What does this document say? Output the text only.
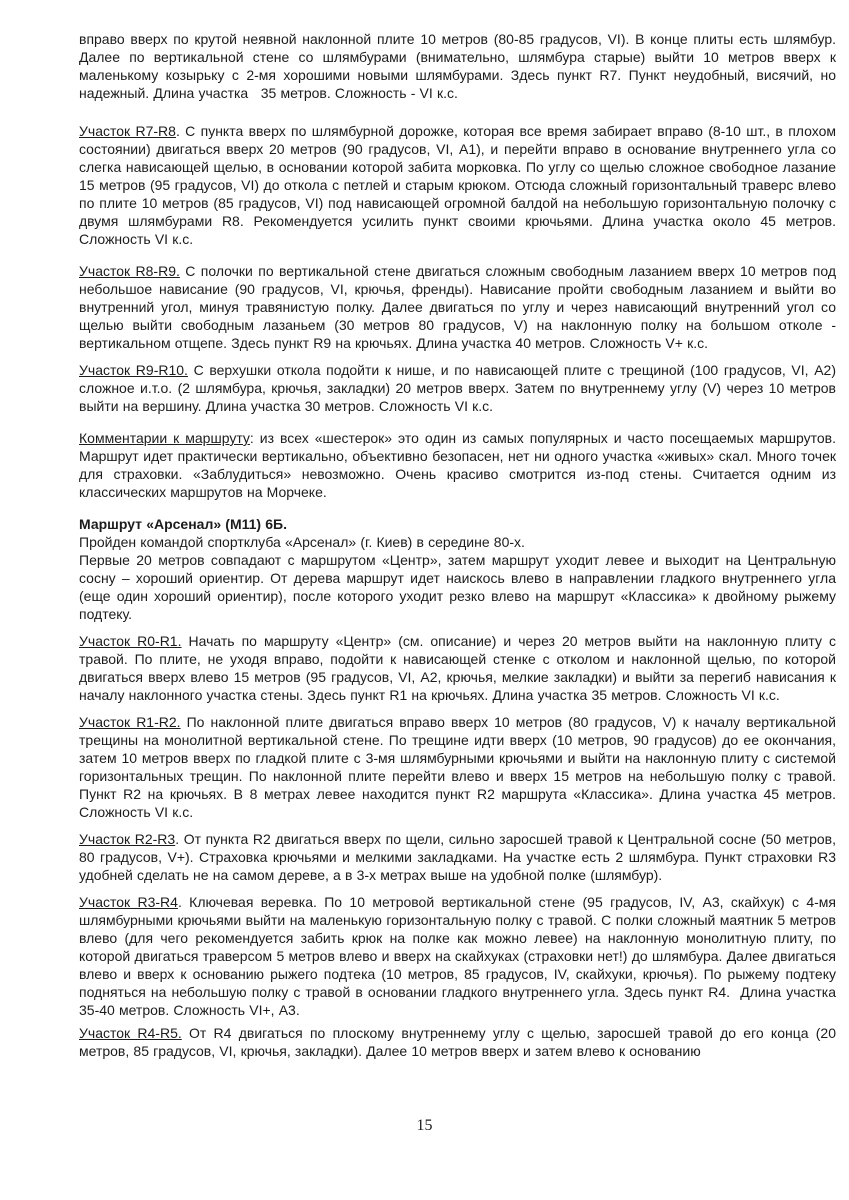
вправо вверх по крутой неявной наклонной плите 10 метров (80-85 градусов, VI). В конце плиты есть шлямбур. Далее по вертикальной стене со шлямбурами (внимательно, шлямбура старые) выйти 10 метров вверх к маленькому козырьку с 2-мя хорошими новыми шлямбурами. Здесь пункт R7. Пункт неудобный, висячий, но надежный. Длина участка   35 метров. Сложность - VI к.с.

Участок R7-R8. С пункта вверх по шлямбурной дорожке, которая все время забирает вправо (8-10 шт., в плохом состоянии) двигаться вверх 20 метров (90 градусов, VI, А1), и перейти вправо в основание внутреннего угла со слегка нависающей щелью, в основании которой забита морковка. По углу со щелью сложное свободное лазание 15 метров (95 градусов, VI) до откола с петлей и старым крюком. Отсюда сложный горизонтальный траверс влево по плите 10 метров (85 градусов, VI) под нависающей огромной балдой на небольшую горизонтальную полочку с двумя шлямбурами R8. Рекомендуется усилить пункт своими крючьями. Длина участка около 45 метров. Сложность VI к.с.

Участок R8-R9. С полочки по вертикальной стене двигаться сложным свободным лазанием вверх 10 метров под небольшое нависание (90 градусов, VI, крючья, френды). Нависание пройти свободным лазанием и выйти во внутренний угол, минуя травянистую полку. Далее двигаться по углу и через нависающий внутренний угол со щелью выйти свободным лазаньем (30 метров 80 градусов, V) на наклонную полку на большом отколе - вертикальном отщепе. Здесь пункт R9 на крючьях. Длина участка 40 метров. Сложность V+ к.с.

Участок R9-R10. С верхушки откола подойти к нише, и по нависающей плите с трещиной (100 градусов, VI, А2) сложное и.т.о. (2 шлямбура, крючья, закладки) 20 метров вверх. Затем по внутреннему углу (V) через 10 метров выйти на вершину. Длина участка 30 метров. Сложность VI к.с.

Комментарии к маршруту: из всех «шестерок» это один из самых популярных и часто посещаемых маршрутов. Маршрут идет практически вертикально, объективно безопасен, нет ни одного участка «живых» скал. Много точек для страховки. «Заблудиться» невозможно. Очень красиво смотрится из-под стены. Считается одним из классических маршрутов на Морчеке.

Маршрут «Арсенал» (М11) 6Б.

Пройден командой спортклуба «Арсенал» (г. Киев) в середине 80-х.

Первые 20 метров совпадают с маршрутом «Центр», затем маршрут уходит левее и выходит на Центральную сосну – хороший ориентир. От дерева маршрут идет наискось влево в направлении гладкого внутреннего угла (еще один хороший ориентир), после которого уходит резко влево на маршрут «Классика» к двойному рыжему подтеку.

Участок R0-R1. Начать по маршруту «Центр» (см. описание) и через 20 метров выйти на наклонную плиту с травой. По плите, не уходя вправо, подойти к нависающей стенке с отколом и наклонной щелью, по которой двигаться вверх влево 15 метров (95 градусов, VI, А2, крючья, мелкие закладки) и выйти за перегиб нависания к началу наклонного участка стены. Здесь пункт R1 на крючьях. Длина участка 35 метров. Сложность VI к.с.

Участок R1-R2. По наклонной плите двигаться вправо вверх 10 метров (80 градусов, V) к началу вертикальной трещины на монолитной вертикальной стене. По трещине идти вверх (10 метров, 90 градусов) до ее окончания, затем 10 метров вверх по гладкой плите с 3-мя шлямбурными крючьями и выйти на наклонную плиту с системой горизонтальных трещин. По наклонной плите перейти влево и вверх 15 метров на небольшую полку с травой. Пункт R2 на крючьях. В 8 метрах левее находится пункт R2 маршрута «Классика». Длина участка 45 метров. Сложность VI к.с.

Участок R2-R3. От пункта R2 двигаться вверх по щели, сильно заросшей травой к Центральной сосне (50 метров, 80 градусов, V+). Страховка крючьями и мелкими закладками. На участке есть 2 шлямбура. Пункт страховки R3 удобней сделать не на самом дереве, а в 3-х метрах выше на удобной полке (шлямбур).

Участок R3-R4. Ключевая веревка. По 10 метровой вертикальной стене (95 градусов, IV, А3, скайхук) с 4-мя шлямбурными крючьями выйти на маленькую горизонтальную полку с травой. С полки сложный маятник 5 метров влево (для чего рекомендуется забить крюк на полке как можно левее) на наклонную монолитную плиту, по которой двигаться траверсом 5 метров влево и вверх на скайхуках (страховки нет!) до шлямбура. Далее двигаться влево и вверх к основанию рыжего подтека (10 метров, 85 градусов, IV, скайхуки, крючья). По рыжему подтеку подняться на небольшую полку с травой в основании гладкого внутреннего угла. Здесь пункт R4.  Длина участка 35-40 метров. Сложность VI+, А3.

Участок R4-R5. От R4 двигаться по плоскому внутреннему углу с щелью, заросшей травой до его конца (20 метров, 85 градусов, VI, крючья, закладки). Далее 10 метров вверх и затем влево к основанию

15
